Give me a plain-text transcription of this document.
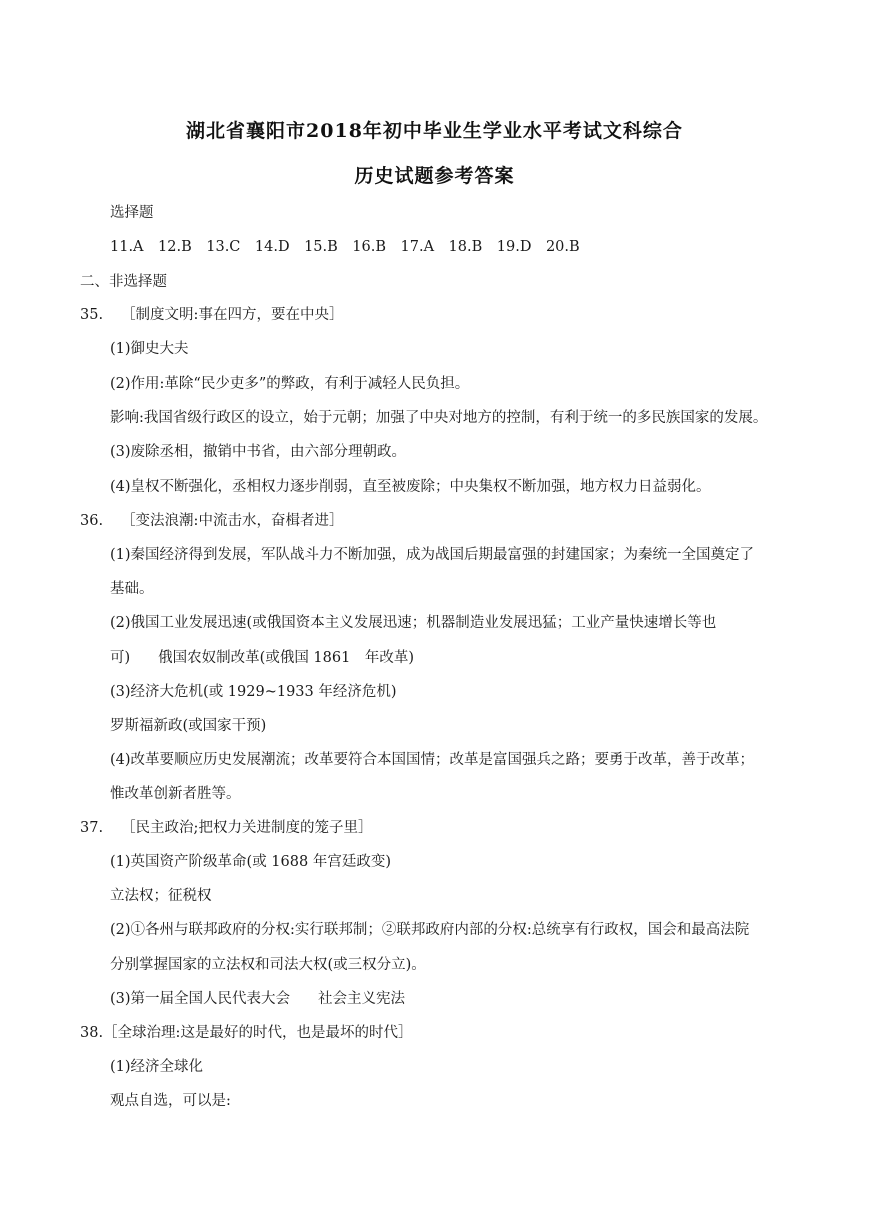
湖北省襄阳市2018年初中毕业生学业水平考试文科综合
历史试题参考答案
选择题
11.A　12.B　13.C　14.D　15.B　16.B　17.A　18.B　19.D　20.B
二、非选择题
35. ［制度文明:事在四方，要在中央］
(1)御史大夫
(2)作用:革除“民少吏多”的弊政，有利于减轻人民负担。
影响:我国省级行政区的设立，始于元朝；加强了中央对地方的控制，有利于统一的多民族国家的发展。
(3)废除丞相，撤销中书省，由六部分理朝政。
(4)皇权不断强化，丞相权力逐步削弱，直至被废除；中央集权不断加强，地方权力日益弱化。
36. ［变法浪潮:中流击水，奋楫者进］
(1)秦国经济得到发展，军队战斗力不断加强，成为战国后期最富强的封建国家；为秦统一全国奠定了
基础。
(2)俄国工业发展迅速(或俄国资本主义发展迅速；机器制造业发展迅猛；工业产量快速增长等也
可) 俄国农奴制改革(或俄国 1861　年改革)
(3)经济大危机(或 1929~1933 年经济危机)
罗斯福新政(或国家干预)
(4)改革要顺应历史发展潮流；改革要符合本国国情；改革是富国强兵之路；要勇于改革，善于改革；
惟改革创新者胜等。
37. ［民主政治;把权力关进制度的笼子里］
(1)英国资产阶级革命(或 1688 年宫廷政变)
立法权；征税权
(2)①各州与联邦政府的分权:实行联邦制；②联邦政府内部的分权:总统享有行政权，国会和最高法院
分别掌握国家的立法权和司法大权(或三权分立)。
(3)第一届全国人民代表大会 社会主义宪法
38.［全球治理:这是最好的时代，也是最坏的时代］
(1)经济全球化
观点自选，可以是:
